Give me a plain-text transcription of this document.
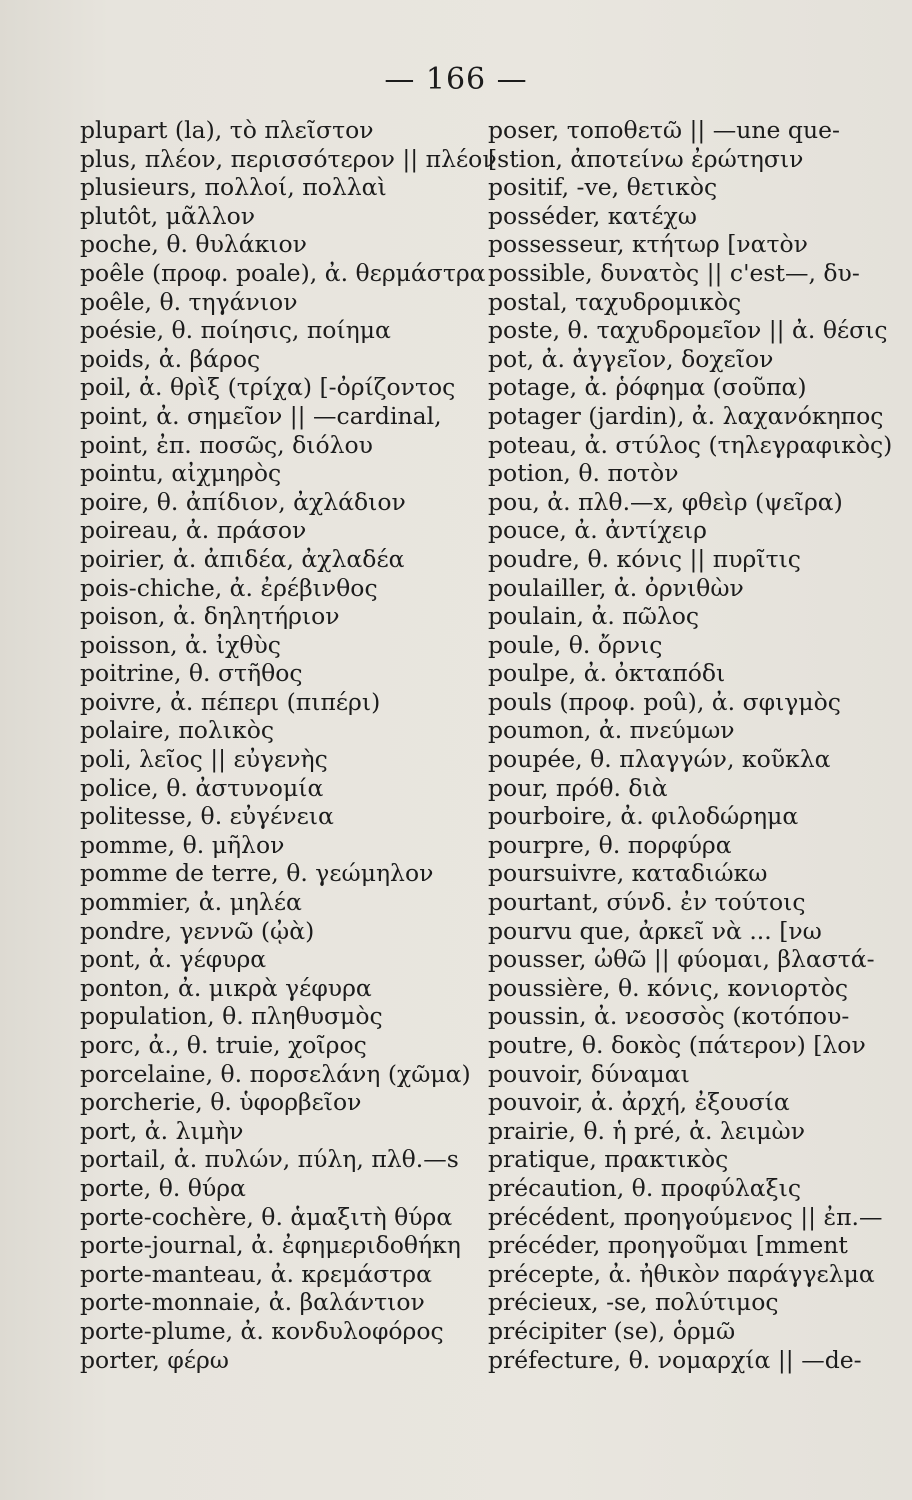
— 166 —
plupart (la), τὸ πλεῖστον
plus, πλέον, περισσότερον || πλέον
plusieurs, πολλοί, πολλαὶ
plutôt, μᾶλλον
poche, θ. θυλάκιον
poêle (προφ. poale), ἀ. θερμάστρα
poêle, θ. τηγάνιον
poésie, θ. ποίησις, ποίημα
poids, ἀ. βάρος
poil, ἀ. θρὶξ (τρίχα) [-ὀρίζοντος
point, ἀ. σημεῖον || —cardinal,
point, ἐπ. ποσῶς, διόλου
pointu, αἰχμηρὸς
poire, θ. ἀπίδιον, ἀχλάδιον
poireau, ἀ. πράσον
poirier, ἀ. ἀπιδέα, ἀχλαδέα
pois-chiche, ἀ. ἐρέβινθος
poison, ἀ. δηλητήριον
poisson, ἀ. ἰχθὺς
poitrine, θ. στῆθος
poivre, ἀ. πέπερι (πιπέρι)
polaire, πολικὸς
poli, λεῖος || εὐγενὴς
police, θ. ἀστυνομία
politesse, θ. εὐγένεια
pomme, θ. μῆλον
pomme de terre, θ. γεώμηλον
pommier, ἀ. μηλέα
pondre, γεννῶ (ᾠὰ)
pont, ἀ. γέφυρα
ponton, ἀ. μικρὰ γέφυρα
population, θ. πληθυσμὸς
porc, ἀ., θ. truie, χοῖρος
porcelaine, θ. πορσελάνη (χῶμα)
porcherie, θ. ὑφορβεῖον
port, ἀ. λιμὴν
portail, ἀ. πυλών, πύλη, πλθ.—s
porte, θ. θύρα
porte-cochère, θ. ἁμαξιτὴ θύρα
porte-journal, ἀ. ἐφημεριδοθήκη
porte-manteau, ἀ. κρεμάστρα
porte-monnaie, ἀ. βαλάντιον
porte-plume, ἀ. κονδυλοφόρος
porter, φέρω
poser, τοποθετῶ || —une que-
[stion, ἀποτείνω ἐρώτησιν
positif, -ve, θετικὸς
posséder, κατέχω
possesseur, κτήτωρ [νατὸν
possible, δυνατὸς || c'est—, δυ-
postal, ταχυδρομικὸς
poste, θ. ταχυδρομεῖον || ἀ. θέσις
pot, ἀ. ἀγγεῖον, δοχεῖον
potage, ἀ. ῥόφημα (σοῦπα)
potager (jardin), ἀ. λαχανόκηπος
poteau, ἀ. στύλος (τηλεγραφικὸς)
potion, θ. ποτὸν
pou, ἀ. πλθ.—x, φθεὶρ (ψεῖρα)
pouce, ἀ. ἀντίχειρ
poudre, θ. κόνις || πυρῖτις
poulailler, ἀ. ὀρνιθὼν
poulain, ἀ. πῶλος
poule, θ. ὄρνις
poulpe, ἀ. ὀκταπόδι
pouls (προφ. poû), ἀ. σφιγμὸς
poumon, ἀ. πνεύμων
poupée, θ. πλαγγών, κοῦκλα
pour, πρόθ. διὰ
pourboire, ἀ. φιλοδώρημα
pourpre, θ. πορφύρα
poursuivre, καταδιώκω
pourtant, σύνδ. ἐν τούτοις
pourvu que, ἀρκεῖ νὰ ... [νω
pousser, ὠθῶ || φύομαι, βλαστά-
poussière, θ. κόνις, κονιορτὸς
poussin, ἀ. νεοσσὸς (κοτόπου-
poutre, θ. δοκὸς (πάτερον) [λον
pouvoir, δύναμαι
pouvoir, ἀ. ἀρχή, ἐξουσία
prairie, θ. ἡ pré, ἀ. λειμὼν
pratique, πρακτικὸς
précaution, θ. προφύλαξις
précédent, προηγούμενος || ἐπ.—
précéder, προηγοῦμαι [mment
précepte, ἀ. ἠθικὸν παράγγελμα
précieux, -se, πολύτιμος
précipiter (se), ὁρμῶ
préfecture, θ. νομαρχία || —de-
